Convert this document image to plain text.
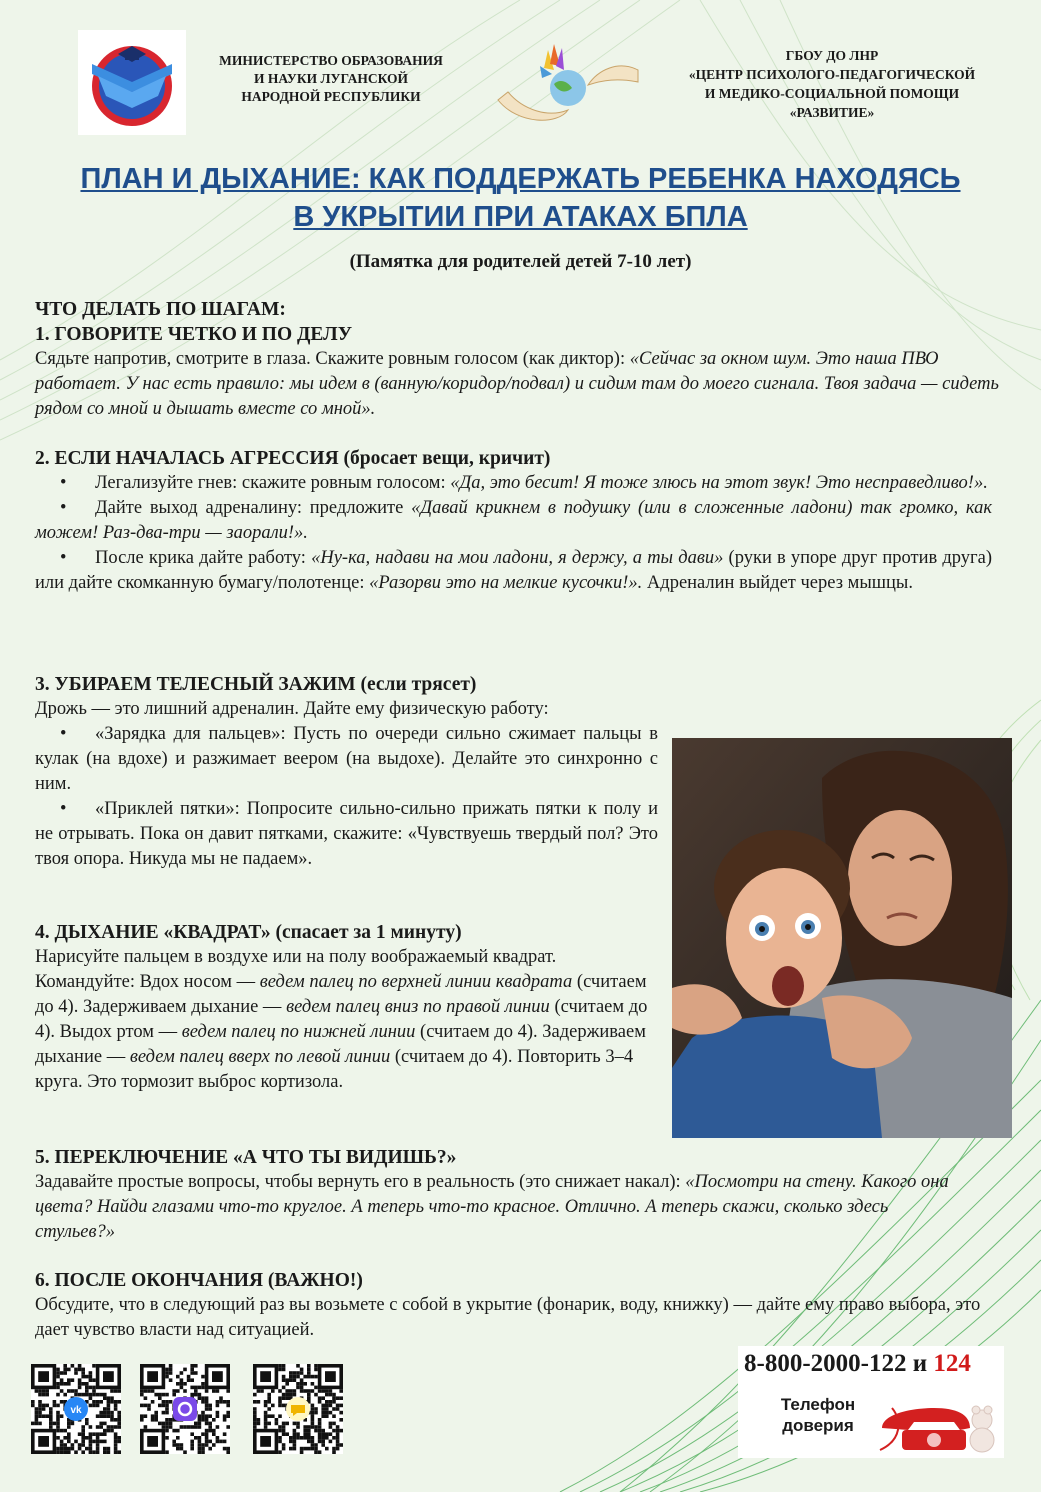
МИНИСТЕРСТВО ОБРАЗОВАНИЯ
И НАУКИ ЛУГАНСКОЙ
НАРОДНОЙ РЕСПУБЛИКИ
ГБОУ ДО ЛНР
«ЦЕНТР ПСИХОЛОГО-ПЕДАГОГИЧЕСКОЙ
И МЕДИКО-СОЦИАЛЬНОЙ ПОМОЩИ
«РАЗВИТИЕ»
ПЛАН И ДЫХАНИЕ: КАК ПОДДЕРЖАТЬ РЕБЕНКА НАХОДЯСЬ
В УКРЫТИИ ПРИ АТАКАХ БПЛА
(Памятка для родителей детей 7-10 лет)
ЧТО ДЕЛАТЬ ПО ШАГАМ:
1. ГОВОРИТЕ ЧЕТКО И ПО ДЕЛУ
Сядьте напротив, смотрите в глаза. Скажите ровным голосом (как диктор): «Сейчас за окном шум. Это наша ПВО работает. У нас есть правило: мы идем в (ванную/коридор/подвал) и сидим там до моего сигнала. Твоя задача — сидеть рядом со мной и дышать вместе со мной».
2. ЕСЛИ НАЧАЛАСЬ АГРЕССИЯ (бросает вещи, кричит)
• Легализуйте гнев: скажите ровным голосом: «Да, это бесит! Я тоже злюсь на этот звук! Это несправедливо!».
• Дайте выход адреналину: предложите «Давай крикнем в подушку (или в сложенные ладони) так громко, как можем! Раз-два-три — заорали!».
• После крика дайте работу: «Ну-ка, надави на мои ладони, я держу, а ты дави» (руки в упоре друг против друга) или дайте скомканную бумагу/полотенце: «Разорви это на мелкие кусочки!». Адреналин выйдет через мышцы.
3. УБИРАЕМ ТЕЛЕСНЫЙ ЗАЖИМ (если трясет)
Дрожь — это лишний адреналин. Дайте ему физическую работу:
• «Зарядка для пальцев»: Пусть по очереди сильно сжимает пальцы в кулак (на вдохе) и разжимает веером (на выдохе). Делайте это синхронно с ним.
• «Приклей пятки»: Попросите сильно-сильно прижать пятки к полу и не отрывать. Пока он давит пятками, скажите: «Чувствуешь твердый пол? Это твоя опора. Никуда мы не падаем».
4. ДЫХАНИЕ «КВАДРАТ» (спасает за 1 минуту)
Нарисуйте пальцем в воздухе или на полу воображаемый квадрат. Командуйте: Вдох носом — ведем палец по верхней линии квадрата (считаем до 4). Задерживаем дыхание — ведем палец вниз по правой линии (считаем до 4). Выдох ртом — ведем палец по нижней линии (считаем до 4). Задерживаем дыхание — ведем палец вверх по левой линии (считаем до 4). Повторить 3–4 круга. Это тормозит выброс кортизола.
5. ПЕРЕКЛЮЧЕНИЕ «А ЧТО ТЫ ВИДИШЬ?»
Задавайте простые вопросы, чтобы вернуть его в реальность (это снижает накал): «Посмотри на стену. Какого она цвета? Найди глазами что-то круглое. А теперь что-то красное. Отлично. А теперь скажи, сколько здесь стульев?»
6. ПОСЛЕ ОКОНЧАНИЯ (ВАЖНО!)
Обсудите, что в следующий раз вы возьмете с собой в укрытие (фонарик, воду, книжку) — дайте ему право выбора, это дает чувство власти над ситуацией.
vk
8-800-2000-122 и 124
Телефон
доверия
